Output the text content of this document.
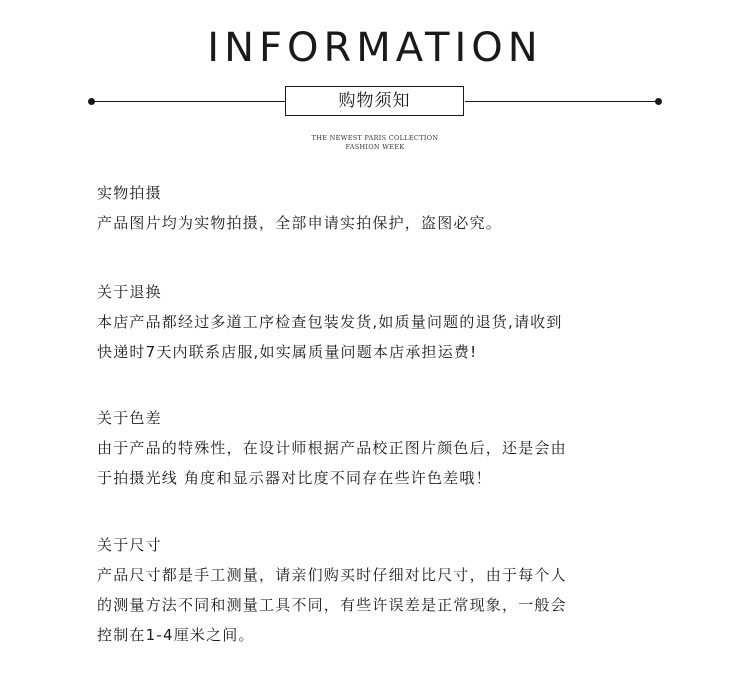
INFORMATION
购物须知
THE NEWEST PARIS COLLECTION
FASHION WEEK
实物拍摄
产品图片均为实物拍摄，全部申请实拍保护，盗图必究。
关于退换
本店产品都经过多道工序检查包装发货,如质量问题的退货,请收到
快递时7天内联系店服,如实属质量问题本店承担运费!
关于色差
由于产品的特殊性，在设计师根据产品校正图片颜色后，还是会由
于拍摄光线 角度和显示器对比度不同存在些许色差哦！
关于尺寸
产品尺寸都是手工测量，请亲们购买时仔细对比尺寸，由于每个人
的测量方法不同和测量工具不同，有些许误差是正常现象，一般会
控制在1-4厘米之间。
